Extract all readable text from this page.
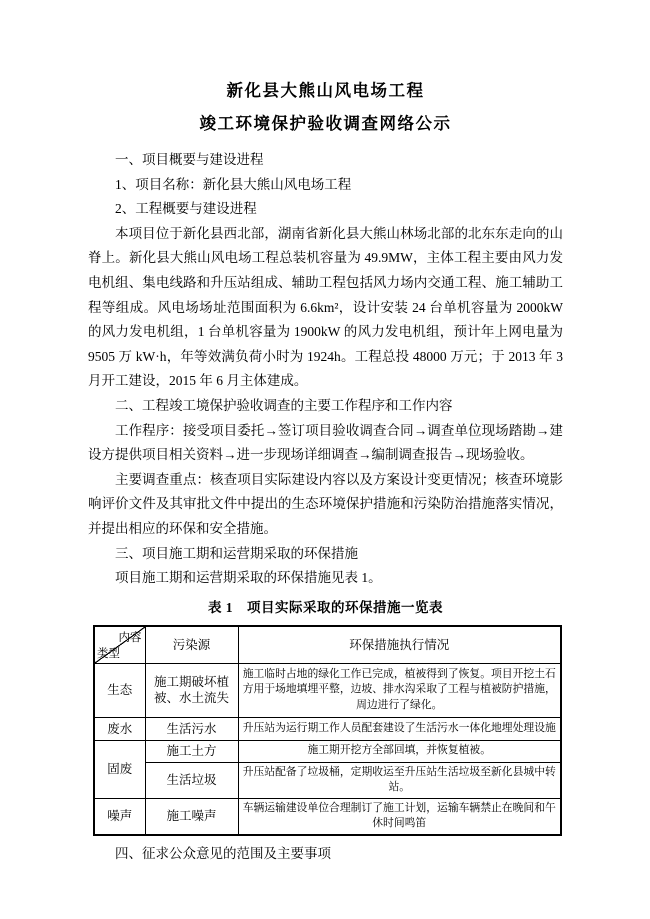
新化县大熊山风电场工程

竣工环境保护验收调查网络公示

一、项目概要与建设进程

1、项目名称：新化县大熊山风电场工程

2、工程概要与建设进程

本项目位于新化县西北部，湖南省新化县大熊山林场北部的北东东走向的山脊上。新化县大熊山风电场工程总装机容量为 49.9MW，主体工程主要由风力发电机组、集电线路和升压站组成、辅助工程包括风力场内交通工程、施工辅助工程等组成。风电场场址范围面积为 6.6km²，设计安装 24 台单机容量为 2000kW 的风力发电机组，1 台单机容量为 1900kW 的风力发电机组，预计年上网电量为 9505 万 kW·h，年等效满负荷小时为 1924h。工程总投 48000 万元；于 2013 年 3 月开工建设，2015 年 6 月主体建成。

二、工程竣工境保护验收调查的主要工作程序和工作内容

工作程序：接受项目委托→签订项目验收调查合同→调查单位现场踏勘→建设方提供项目相关资料→进一步现场详细调查→编制调查报告→现场验收。

主要调查重点：核查项目实际建设内容以及方案设计变更情况；核查环境影响评价文件及其审批文件中提出的生态环境保护措施和污染防治措施落实情况，并提出相应的环保和安全措施。

三、项目施工期和运营期采取的环保措施

项目施工期和运营期采取的环保措施见表 1。

表 1　项目实际采取的环保措施一览表

内容
类型	污染源	环保措施执行情况
生态	施工期破坏植被、水土流失	施工临时占地的绿化工作已完成，植被得到了恢复。项目开挖土石方用于场地填埋平整，边坡、排水沟采取了工程与植被防护措施，周边进行了绿化。
废水	生活污水	升压站为运行期工作人员配套建设了生活污水一体化地埋处理设施
固废	施工土方	施工期开挖方全部回填，并恢复植被。
	生活垃圾	升压站配备了垃圾桶，定期收运至升压站生活垃圾至新化县城中转站。
噪声	施工噪声	车辆运输建设单位合理制订了施工计划，运输车辆禁止在晚间和午休时间鸣笛

四、征求公众意见的范围及主要事项
